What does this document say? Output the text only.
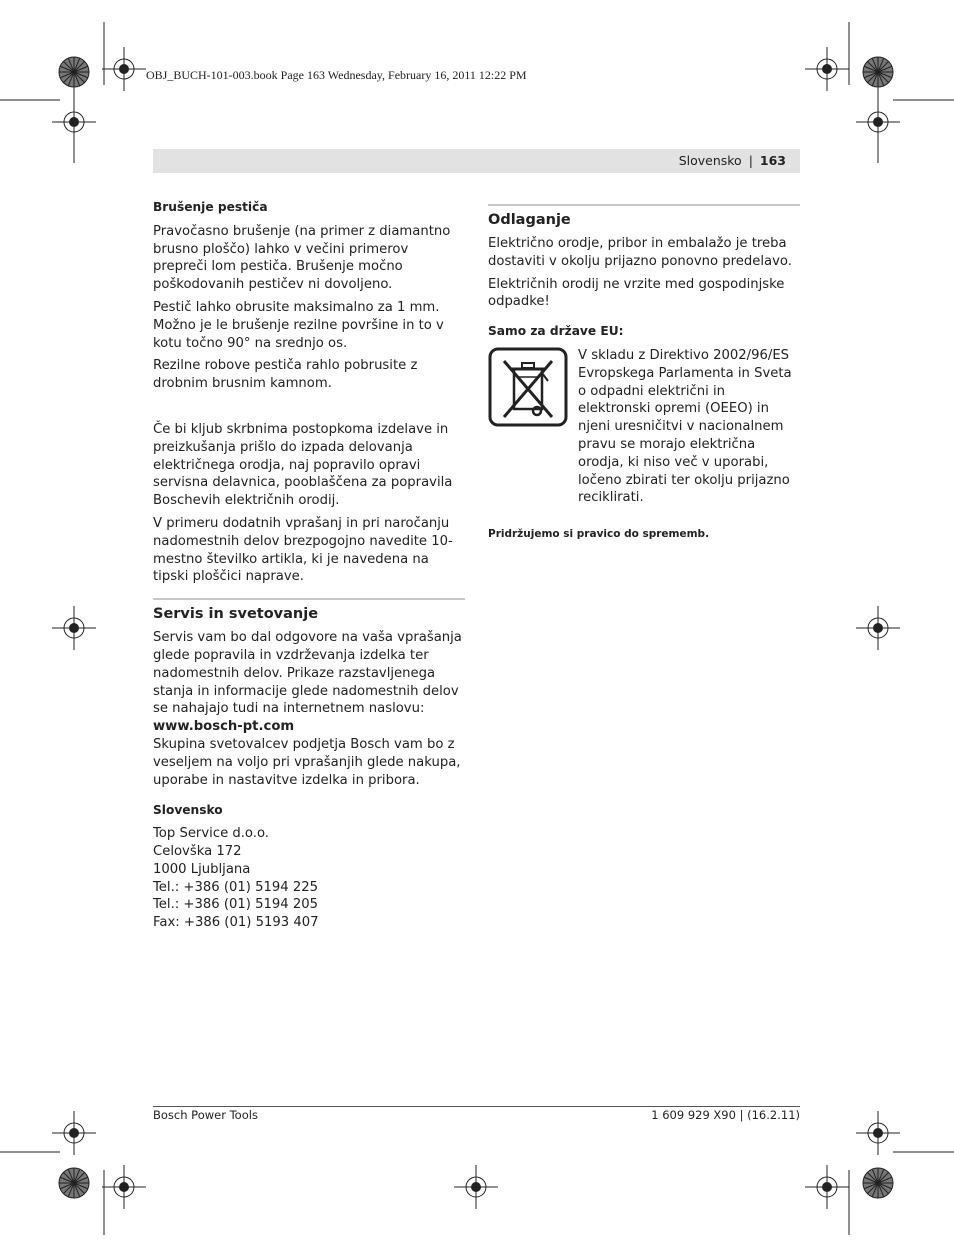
OBJ_BUCH-101-003.book Page 163 Wednesday, February 16, 2011 12:22 PM
Slovensko | 163
Brušenje pestiča

Pravočasno brušenje (na primer z diamantno brusno ploščo) lahko v večini primerov prepreči lom pestiča. Brušenje močno poškodovanih pestičev ni dovoljeno.

Pestič lahko obrusite maksimalno za 1 mm. Možno je le brušenje rezilne površine in to v kotu točno 90° na srednjo os.

Rezilne robove pestiča rahlo pobrusite z drobnim brusnim kamnom.

Če bi kljub skrbnima postopkoma izdelave in preizkušanja prišlo do izpada delovanja električnega orodja, naj popravilo opravi servisna delavnica, pooblaščena za popravila Boschevih električnih orodij.

V primeru dodatnih vprašanj in pri naročanju nadomestnih delov brezpogojno navedite 10-mestno številko artikla, ki je navedena na tipski ploščici naprave.

Servis in svetovanje
Servis vam bo dal odgovore na vaša vprašanja glede popravila in vzdrževanja izdelka ter nadomestnih delov. Prikaze razstavljenega stanja in informacije glede nadomestnih delov se nahajajo tudi na internetnem naslovu:
www.bosch-pt.com
Skupina svetovalcev podjetja Bosch vam bo z veseljem na voljo pri vprašanjih glede nakupa, uporabe in nastavitve izdelka in pribora.
Slovensko
Top Service d.o.o.
Celovška 172
1000 Ljubljana
Tel.: +386 (01) 5194 225
Tel.: +386 (01) 5194 205
Fax: +386 (01) 5193 407
Odlaganje

Električno orodje, pribor in embalažo je treba dostaviti v okolju prijazno ponovno predelavo.

Električnih orodij ne vrzite med gospodinjske odpadke!

Samo za države EU:
V skladu z Direktivo 2002/96/ES Evropskega Parlamenta in Sveta o odpadni električni in elektronski opremi (OEEO) in njeni uresničitvi v nacionalnem pravu se morajo električna orodja, ki niso več v uporabi, ločeno zbirati ter okolju prijazno reciklirati.
Pridržujemo si pravico do sprememb.
Bosch Power Tools	1 609 929 X90 | (16.2.11)
